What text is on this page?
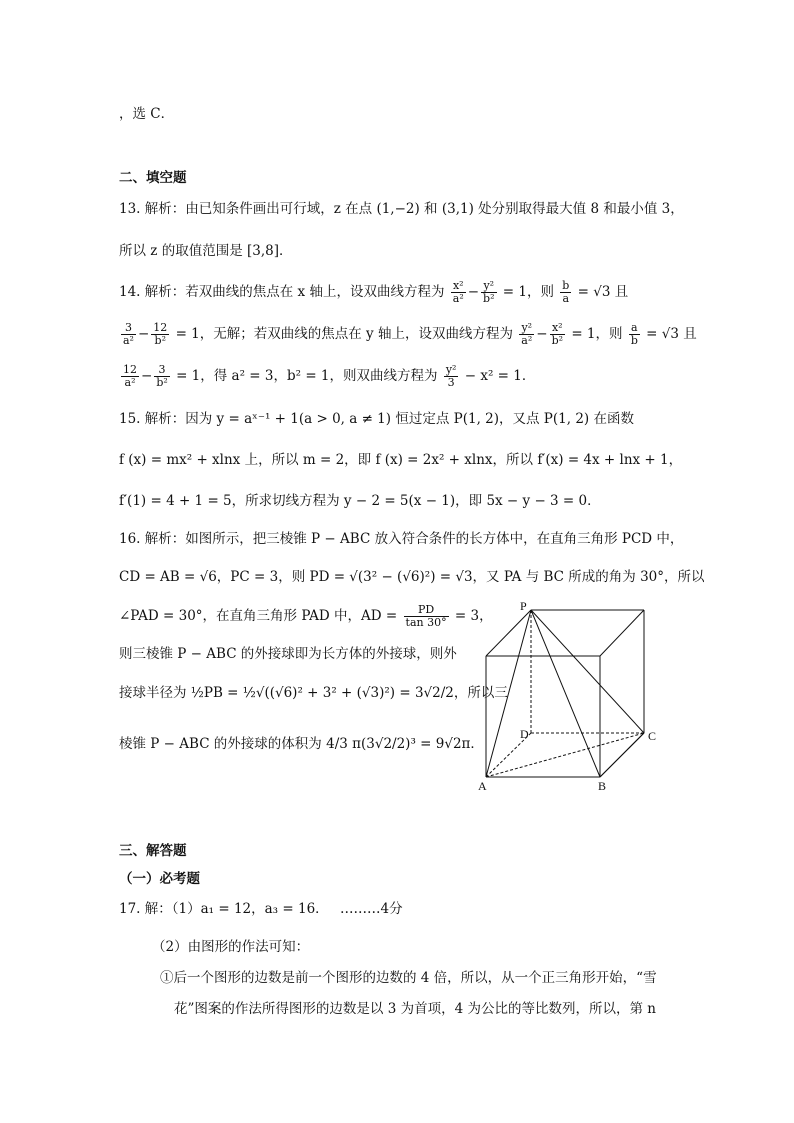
，选 C．
二、填空题
13. 解析：由已知条件画出可行域，z 在点 (1,−2) 和 (3,1) 处分别取得最大值 8 和最小值 3，
所以 z 的取值范围是 [3,8]．
14. 解析：若双曲线的焦点在 x 轴上，设双曲线方程为 $\frac{\text{x²}}{\text{a²}} - \frac{\text{y²}}{\text{b²}} = 1$，则 $\frac{b}{a} = √3$ 且
$\frac{3}{\text{a²}} - \frac{12}{\text{b²}} = 1$，无解；若双曲线的焦点在 y 轴上，设双曲线方程为 $\frac{\text{y²}}{\text{a²}} - \frac{\text{x²}}{\text{b²}} = 1$，则 $\frac{a}{b} = √3$ 且
$\frac{12}{\text{a²}} - \frac{3}{\text{b²}} = 1$，得 a² = 3，b² = 1，则双曲线方程为 $\frac{\text{y²}}{3} - x^2 = 1$．
15. 解析：因为 y = aˣ⁻¹ + 1(a > 0, a ≠ 1) 恒过定点 P(1, 2)，又点 P(1, 2) 在函数
f (x) = mx² + xlnx 上，所以 m = 2，即 f (x) = 2x² + xlnx，所以 f′(x) = 4x + lnx + 1，
f′(1) = 4 + 1 = 5，所求切线方程为 y − 2 = 5(x − 1)，即 5x − y − 3 = 0．
16. 解析：如图所示，把三棱锥 P − ABC 放入符合条件的长方体中，在直角三角形 PCD 中，
CD = AB = √6，PC = 3，则 PD = √(3² − (√6)²) = √3，又 PA 与 BC 所成的角为 30°，所以
∠PAD = 30°，在直角三角形 PAD 中，AD = $\frac{PD}{\tan 30^\circ} = 3$，
则三棱锥 P − ABC 的外接球即为长方体的外接球，则外
接球半径为 ½PB = ½√((√6)² + 3² + (√3)²) = 3√2/2，所以三
棱锥 P − ABC 的外接球的体积为 4/3 π(3√2/2)³ = 9√2π．
P
D	C
A	B
三、解答题
（一）必考题
17. 解：（1）a₁ = 12，a₃ = 16． ………4分
（2）由图形的作法可知：
①后一个图形的边数是前一个图形的边数的 4 倍，所以，从一个正三角形开始，“雪
花”图案的作法所得图形的边数是以 3 为首项，4 为公比的等比数列，所以，第 n
